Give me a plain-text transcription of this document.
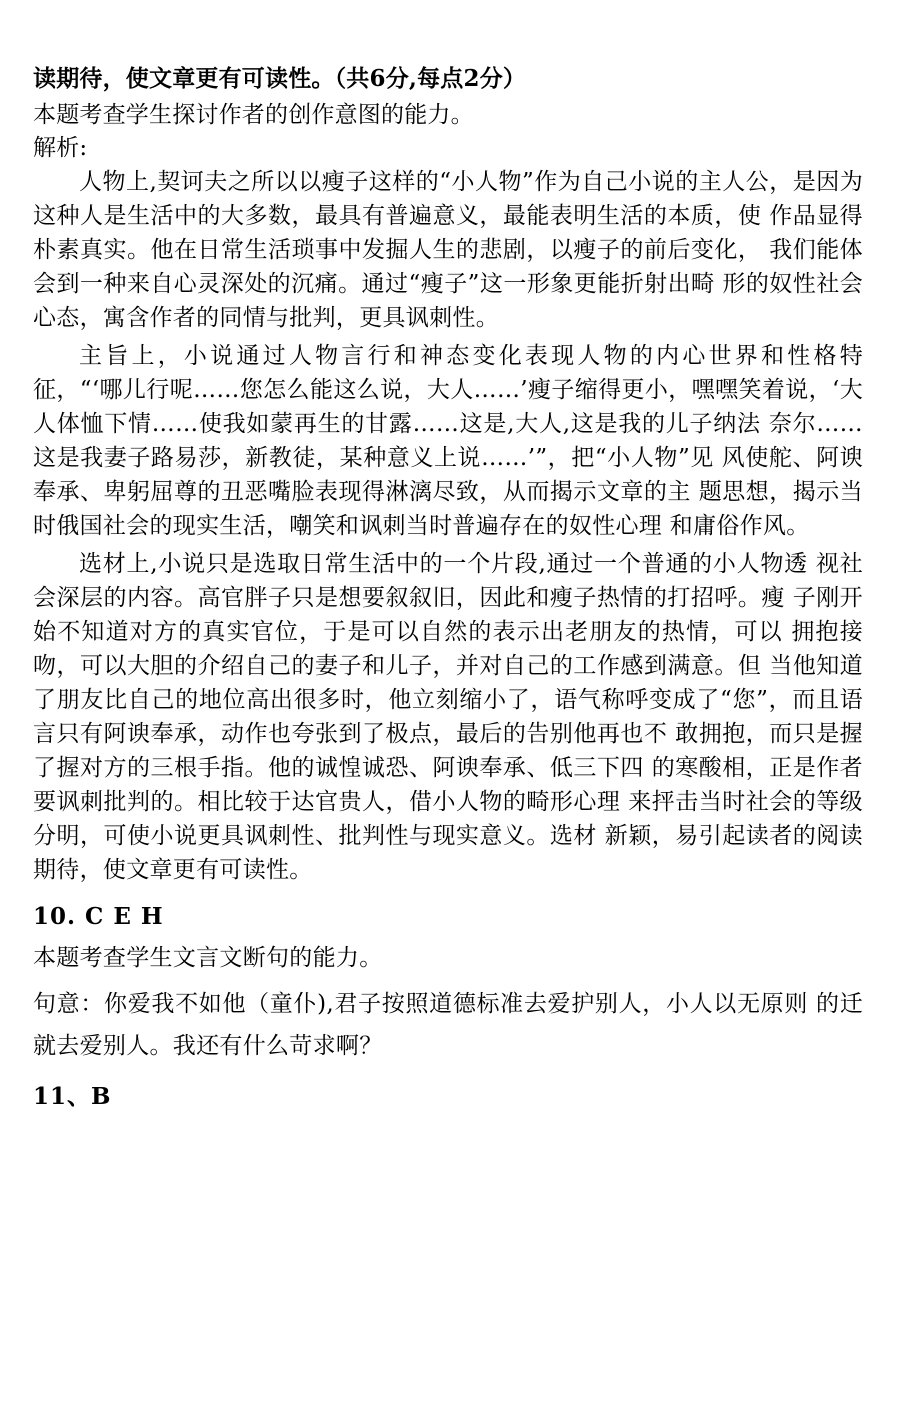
读期待，使文章更有可读性。（共6分,每点2分）
本题考查学生探讨作者的创作意图的能力。
解析:
人物上,契诃夫之所以以瘦子这样的“小人物”作为自己小说的主人公，是因为这种人是生活中的大多数，最具有普遍意义，最能表明生活的本质，使 作品显得朴素真实。他在日常生活琐事中发掘人生的悲剧，以瘦子的前后变化， 我们能体会到一种来自心灵深处的沉痛。通过“瘦子”这一形象更能折射出畸 形的奴性社会心态，寓含作者的同情与批判，更具讽刺性。
主旨上，小说通过人物言行和神态变化表现人物的内心世界和性格特征，“‘哪儿行呢……您怎么能这么说，大人……’瘦子缩得更小，嘿嘿笑着说，‘大人体恤下情……使我如蒙再生的甘露……这是,大人,这是我的儿子纳法 奈尔……这是我妻子路易莎，新教徒，某种意义上说……’”，把“小人物”见 风使舵、阿谀奉承、卑躬屈尊的丑恶嘴脸表现得淋漓尽致，从而揭示文章的主 题思想，揭示当时俄国社会的现实生活，嘲笑和讽刺当时普遍存在的奴性心理 和庸俗作风。
选材上,小说只是选取日常生活中的一个片段,通过一个普通的小人物透 视社会深层的内容。高官胖子只是想要叙叙旧，因此和瘦子热情的打招呼。瘦 子刚开始不知道对方的真实官位，于是可以自然的表示出老朋友的热情，可以 拥抱接吻，可以大胆的介绍自己的妻子和儿子，并对自己的工作感到满意。但 当他知道了朋友比自己的地位高出很多时，他立刻缩小了，语气称呼变成了“您”，而且语言只有阿谀奉承，动作也夸张到了极点，最后的告别他再也不 敢拥抱，而只是握了握对方的三根手指。他的诚惶诚恐、阿谀奉承、低三下四 的寒酸相，正是作者要讽刺批判的。相比较于达官贵人，借小人物的畸形心理 来抨击当时社会的等级分明，可使小说更具讽刺性、批判性与现实意义。选材 新颖，易引起读者的阅读期待，使文章更有可读性。
10. C E H
本题考查学生文言文断句的能力。
句意：你爱我不如他（童仆),君子按照道德标准去爱护别人，小人以无原则 的迁就去爱别人。我还有什么苛求啊？
11、B
